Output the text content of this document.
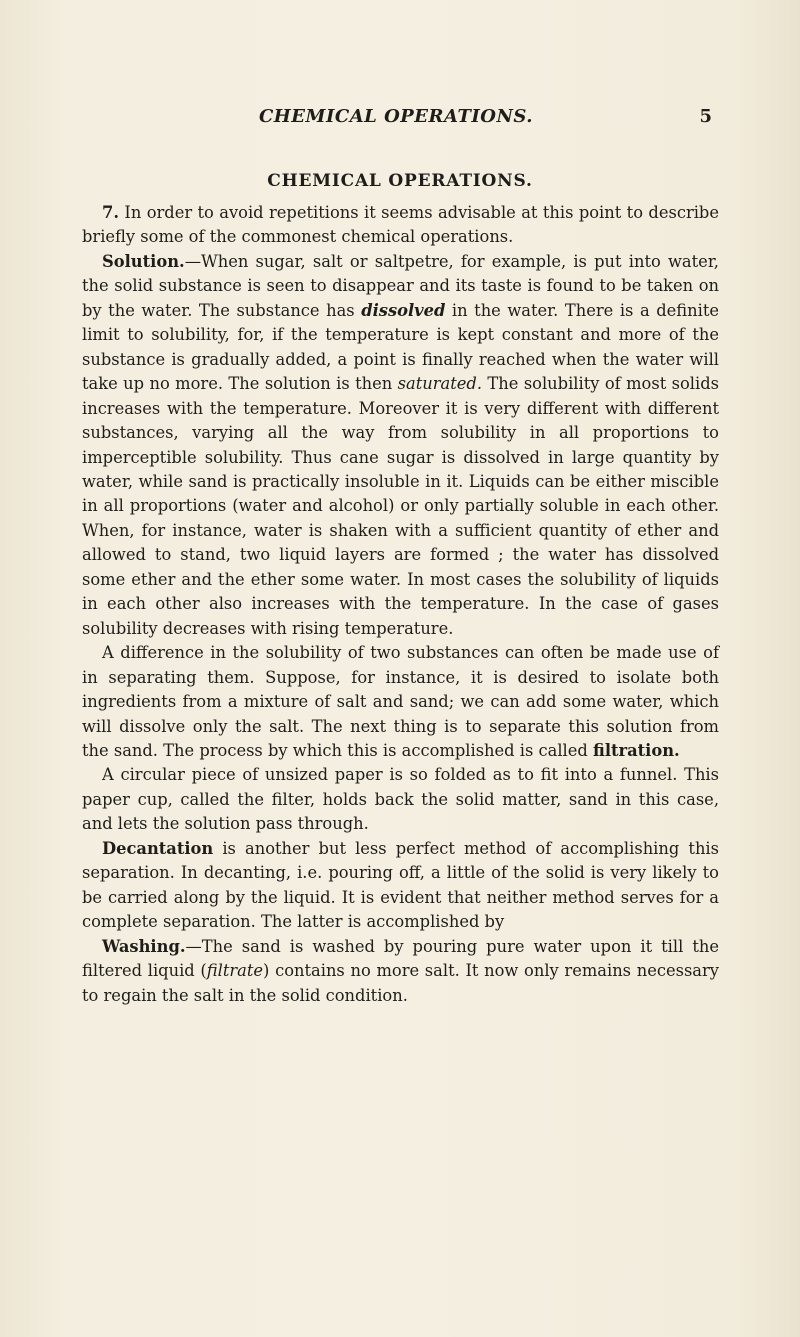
CHEMICAL OPERATIONS.	5
CHEMICAL OPERATIONS.

7. In order to avoid repetitions it seems advisable at this point to describe briefly some of the commonest chemical operations.

Solution.—When sugar, salt or saltpetre, for example, is put into water, the solid substance is seen to disappear and its taste is found to be taken on by the water. The substance has dissolved in the water. There is a definite limit to solubility, for, if the temperature is kept constant and more of the substance is gradually added, a point is finally reached when the water will take up no more. The solution is then saturated. The solubility of most solids increases with the temperature. Moreover it is very different with different substances, varying all the way from solubility in all proportions to imperceptible solubility. Thus cane sugar is dissolved in large quantity by water, while sand is practically insoluble in it. Liquids can be either miscible in all proportions (water and alcohol) or only partially soluble in each other. When, for instance, water is shaken with a sufficient quantity of ether and allowed to stand, two liquid layers are formed ; the water has dissolved some ether and the ether some water. In most cases the solubility of liquids in each other also increases with the temperature. In the case of gases solubility decreases with rising temperature.

A difference in the solubility of two substances can often be made use of in separating them. Suppose, for instance, it is desired to isolate both ingredients from a mixture of salt and sand; we can add some water, which will dissolve only the salt. The next thing is to separate this solution from the sand. The process by which this is accomplished is called filtration.

A circular piece of unsized paper is so folded as to fit into a funnel. This paper cup, called the filter, holds back the solid matter, sand in this case, and lets the solution pass through.

Decantation is another but less perfect method of accomplishing this separation. In decanting, i.e. pouring off, a little of the solid is very likely to be carried along by the liquid. It is evident that neither method serves for a complete separation. The latter is accomplished by

Washing.—The sand is washed by pouring pure water upon it till the filtered liquid (filtrate) contains no more salt. It now only remains necessary to regain the salt in the solid condition.
